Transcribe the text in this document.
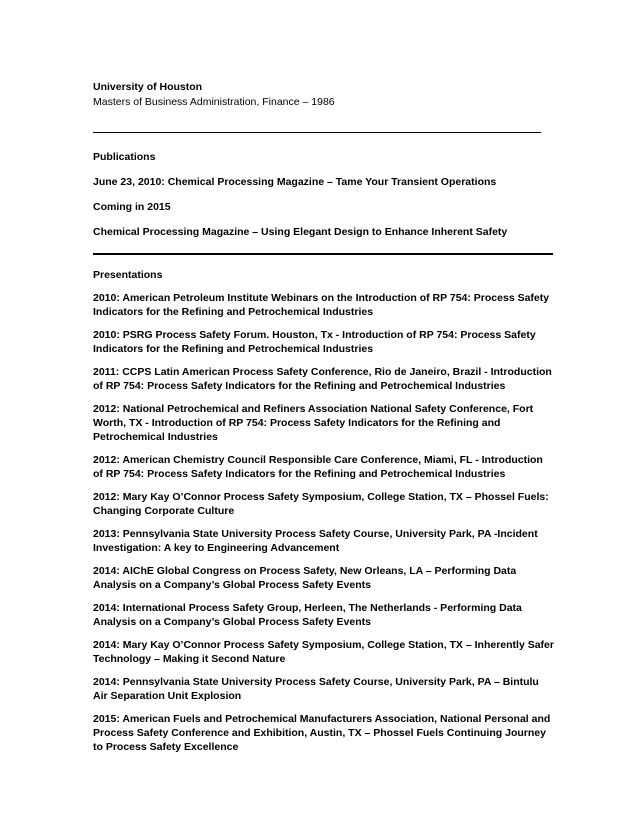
University of Houston

Masters of Business Administration, Finance – 1986

Publications

June 23, 2010: Chemical Processing Magazine – Tame Your Transient Operations

Coming in 2015

Chemical Processing Magazine – Using Elegant Design to Enhance Inherent Safety

Presentations

2010: American Petroleum Institute Webinars on the Introduction of RP 754: Process Safety Indicators for the Refining and Petrochemical Industries

2010: PSRG Process Safety Forum. Houston, Tx - Introduction of RP 754: Process Safety Indicators for the Refining and Petrochemical Industries

2011: CCPS Latin American Process Safety Conference, Rio de Janeiro, Brazil - Introduction of RP 754: Process Safety Indicators for the Refining and Petrochemical Industries

2012: National Petrochemical and Refiners Association National Safety Conference, Fort Worth, TX - Introduction of RP 754: Process Safety Indicators for the Refining and Petrochemical Industries

2012: American Chemistry Council Responsible Care Conference, Miami, FL - Introduction of RP 754: Process Safety Indicators for the Refining and Petrochemical Industries

2012: Mary Kay O’Connor Process Safety Symposium, College Station, TX – Phossel Fuels: Changing Corporate Culture

2013: Pennsylvania State University Process Safety Course, University Park, PA -Incident Investigation: A key to Engineering Advancement

2014: AIChE Global Congress on Process Safety, New Orleans, LA – Performing Data Analysis on a Company’s Global Process Safety Events

2014: International Process Safety Group, Herleen, The Netherlands - Performing Data Analysis on a Company’s Global Process Safety Events

2014: Mary Kay O’Connor Process Safety Symposium, College Station, TX – Inherently Safer Technology – Making it Second Nature

2014: Pennsylvania State University Process Safety Course, University Park, PA – Bintulu Air Separation Unit Explosion

2015: American Fuels and Petrochemical Manufacturers Association, National Personal and Process Safety Conference and Exhibition, Austin, TX – Phossel Fuels Continuing Journey to Process Safety Excellence
